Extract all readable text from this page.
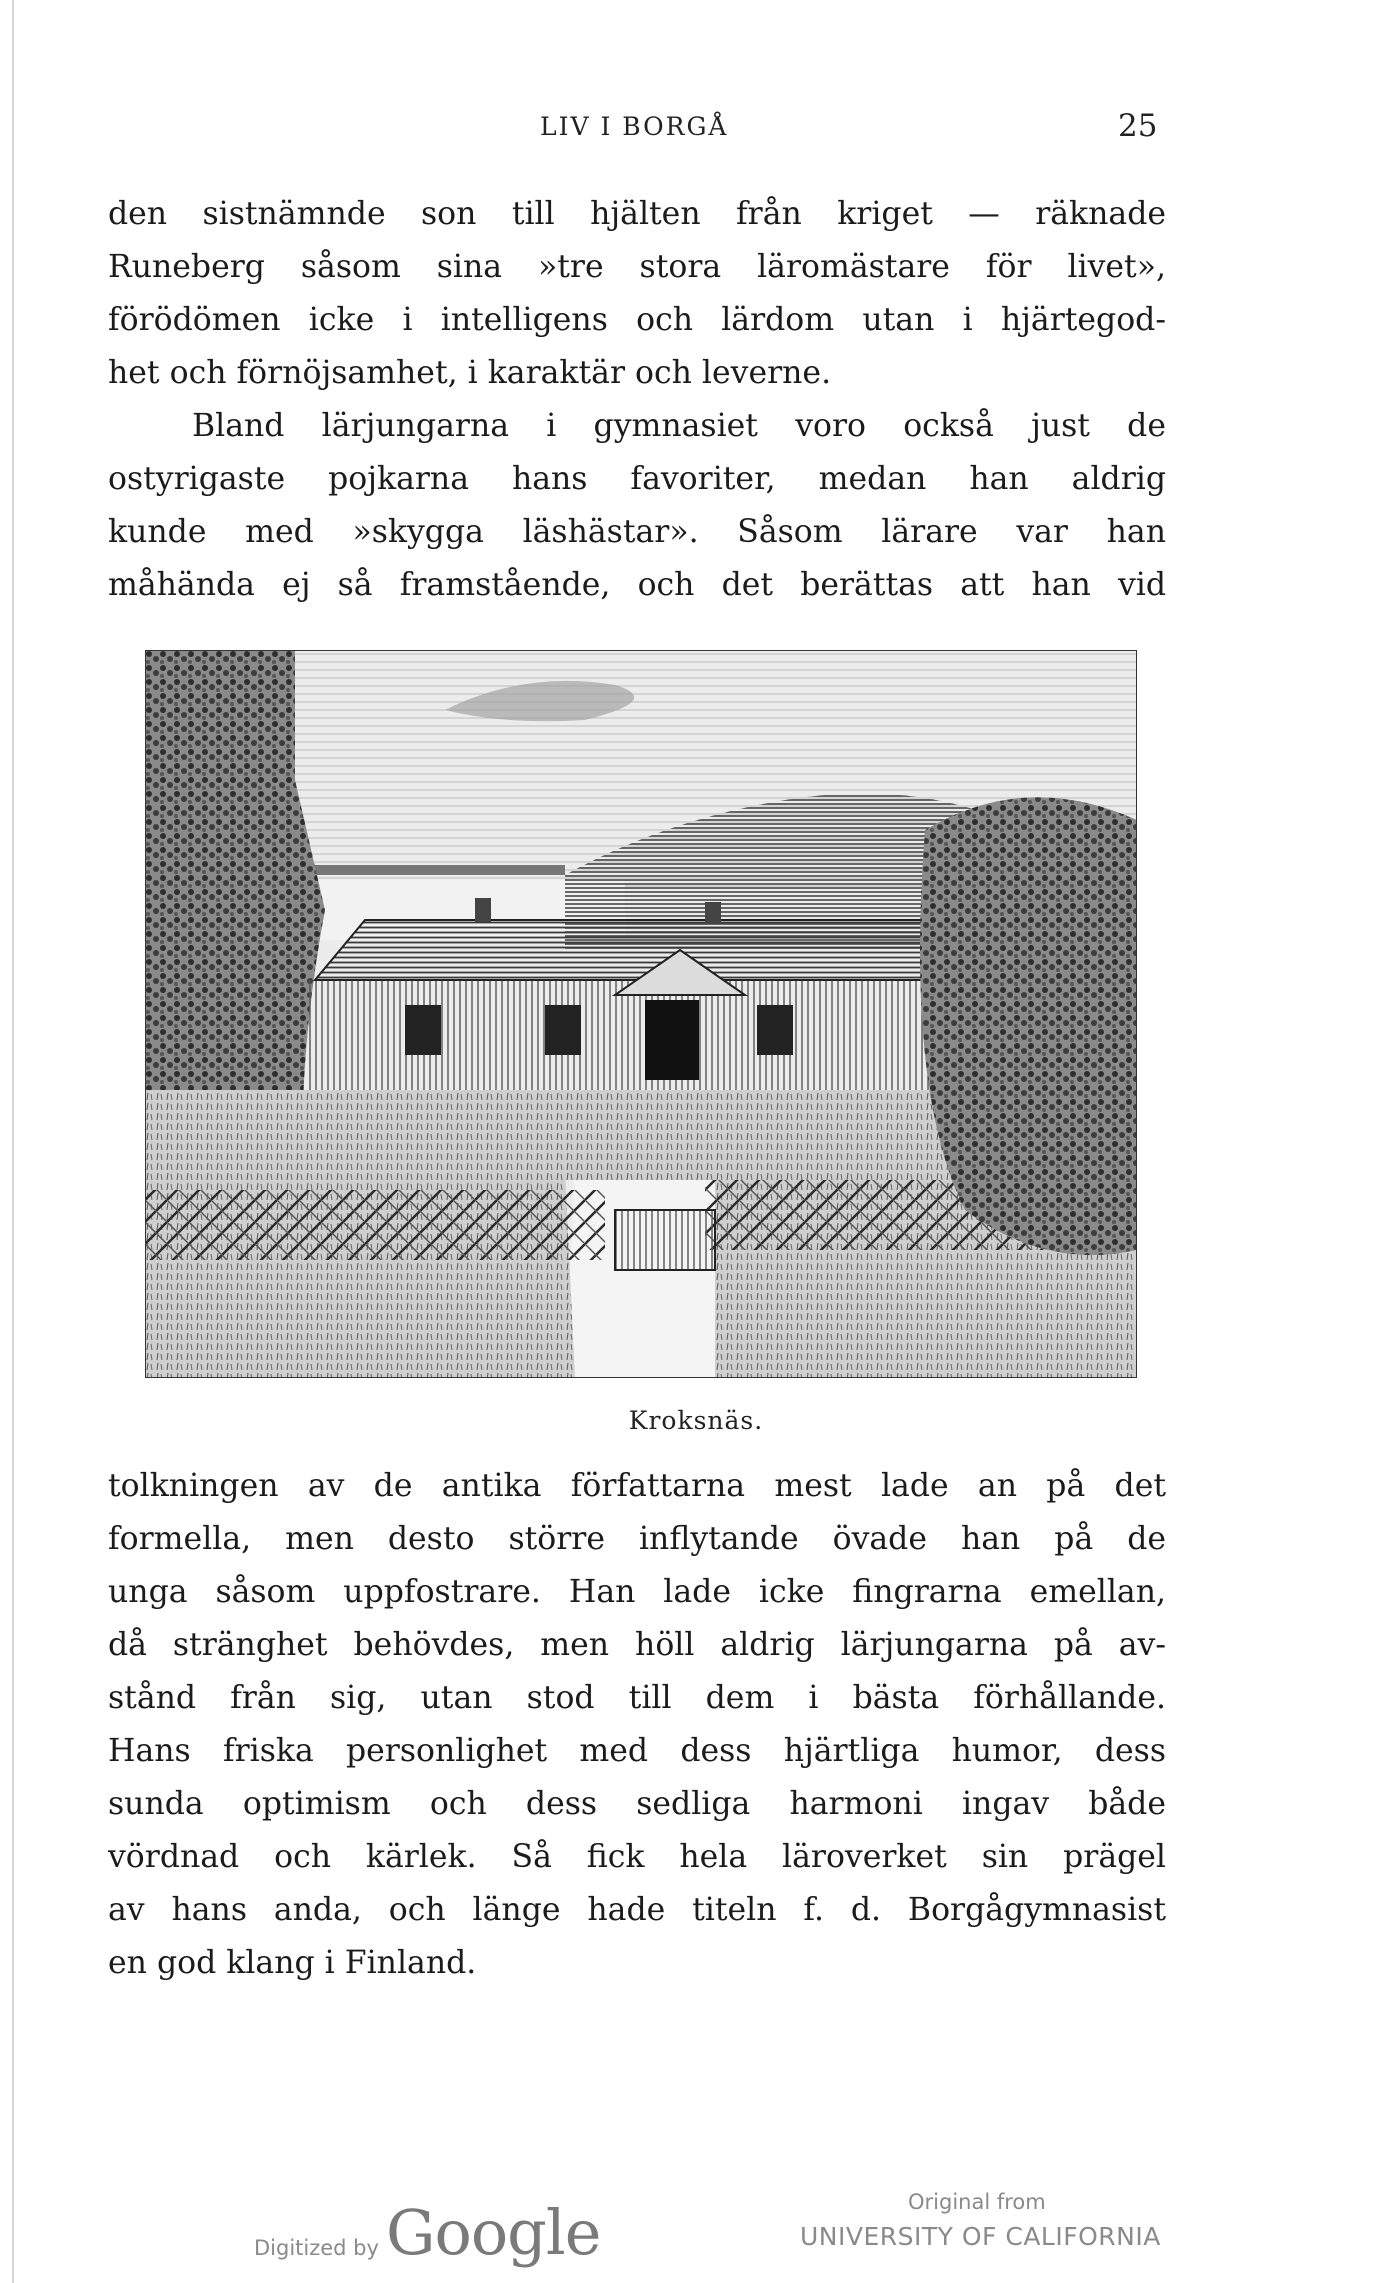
LIV I BORGÅ	25
den sistnämnde son till hjälten från kriget — räknade
Runeberg såsom sina »tre stora läromästare för livet»,
förödömen icke i intelligens och lärdom utan i hjärtegod-
het och förnöjsamhet, i karaktär och leverne.
Bland lärjungarna i gymnasiet voro också just de
ostyrigaste pojkarna hans favoriter, medan han aldrig
kunde med »skygga läshästar». Såsom lärare var han
måhända ej så framstående, och det berättas att han vid
Kroksnäs.
tolkningen av de antika författarna mest lade an på det
formella, men desto större inflytande övade han på de
unga såsom uppfostrare. Han lade icke fingrarna emellan,
då stränghet behövdes, men höll aldrig lärjungarna på av-
stånd från sig, utan stod till dem i bästa förhållande.
Hans friska personlighet med dess hjärtliga humor, dess
sunda optimism och dess sedliga harmoni ingav både
vördnad och kärlek. Så fick hela läroverket sin prägel
av hans anda, och länge hade titeln f. d. Borgågymnasist
en god klang i Finland.
Digitized by Google	Original from
UNIVERSITY OF CALIFORNIA
